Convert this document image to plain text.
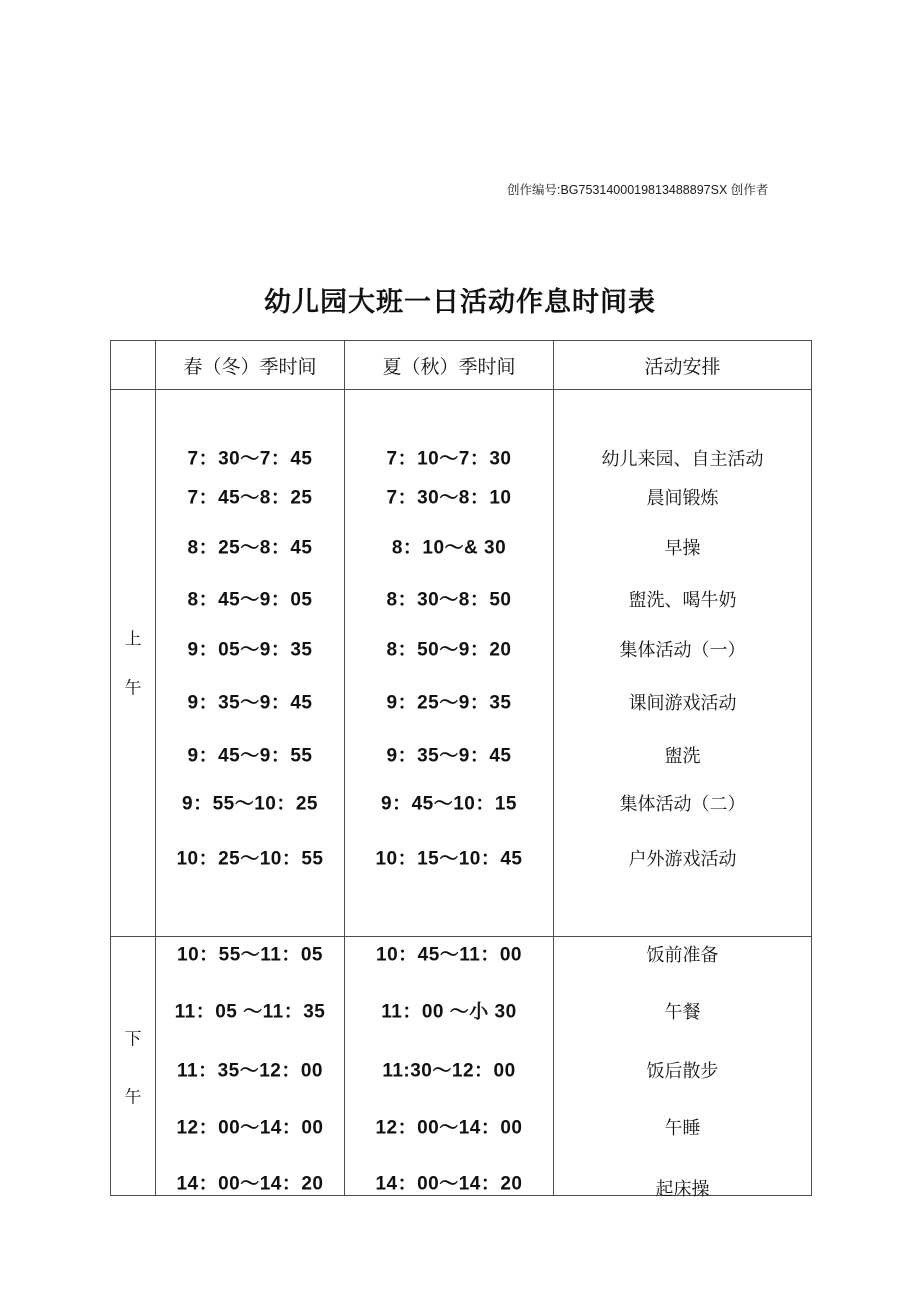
创作编号:BG7531400019813488897SX 创作者
幼儿园大班一日活动作息时间表
春（冬）季时间	夏（秋）季时间	活动安排
上
午
7：30〜7：45
7：45〜8：25
8：25〜8：45
8：45〜9：05
9：05〜9：35
9：35〜9：45
9：45〜9：55
9：55〜10：25
10：25〜10：55
7：10〜7：30
7：30〜8：10
8：10〜& 30
8：30〜8：50
8：50〜9：20
9：25〜9：35
9：35〜9：45
9：45〜10：15
10：15〜10：45
幼儿来园、自主活动
晨间锻炼
早操
盥洗、喝牛奶
集体活动（一）
课间游戏活动
盥洗
集体活动（二）
户外游戏活动
下
午
10：55〜11：05
11：05 〜11：35
11：35〜12：00
12：00〜14：00
14：00〜14：20
10：45〜11：00
11：00 〜小 30
11:30〜12：00
12：00〜14：00
14：00〜14：20
饭前准备
午餐
饭后散步
午睡
起床操
